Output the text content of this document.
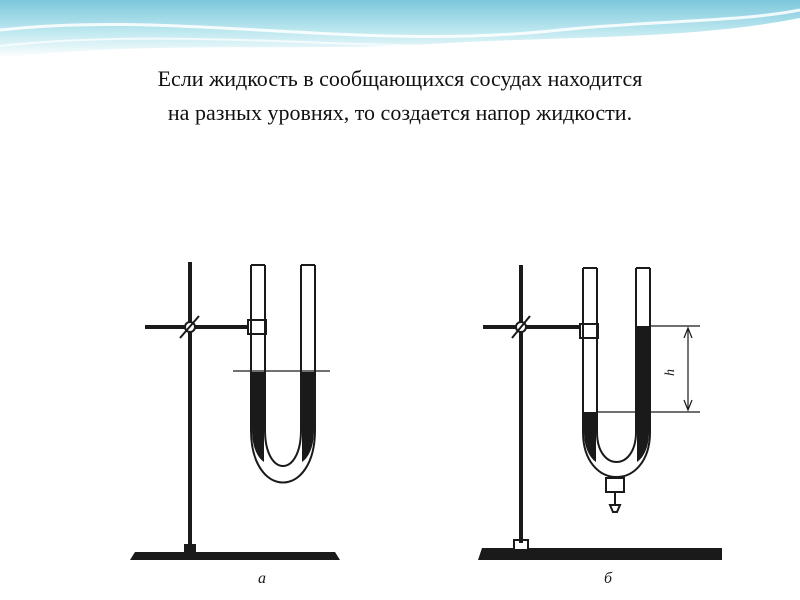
Если жидкость в сообщающихся сосудах находится
на разных уровнях, то создается напор жидкости.
h
а	б
